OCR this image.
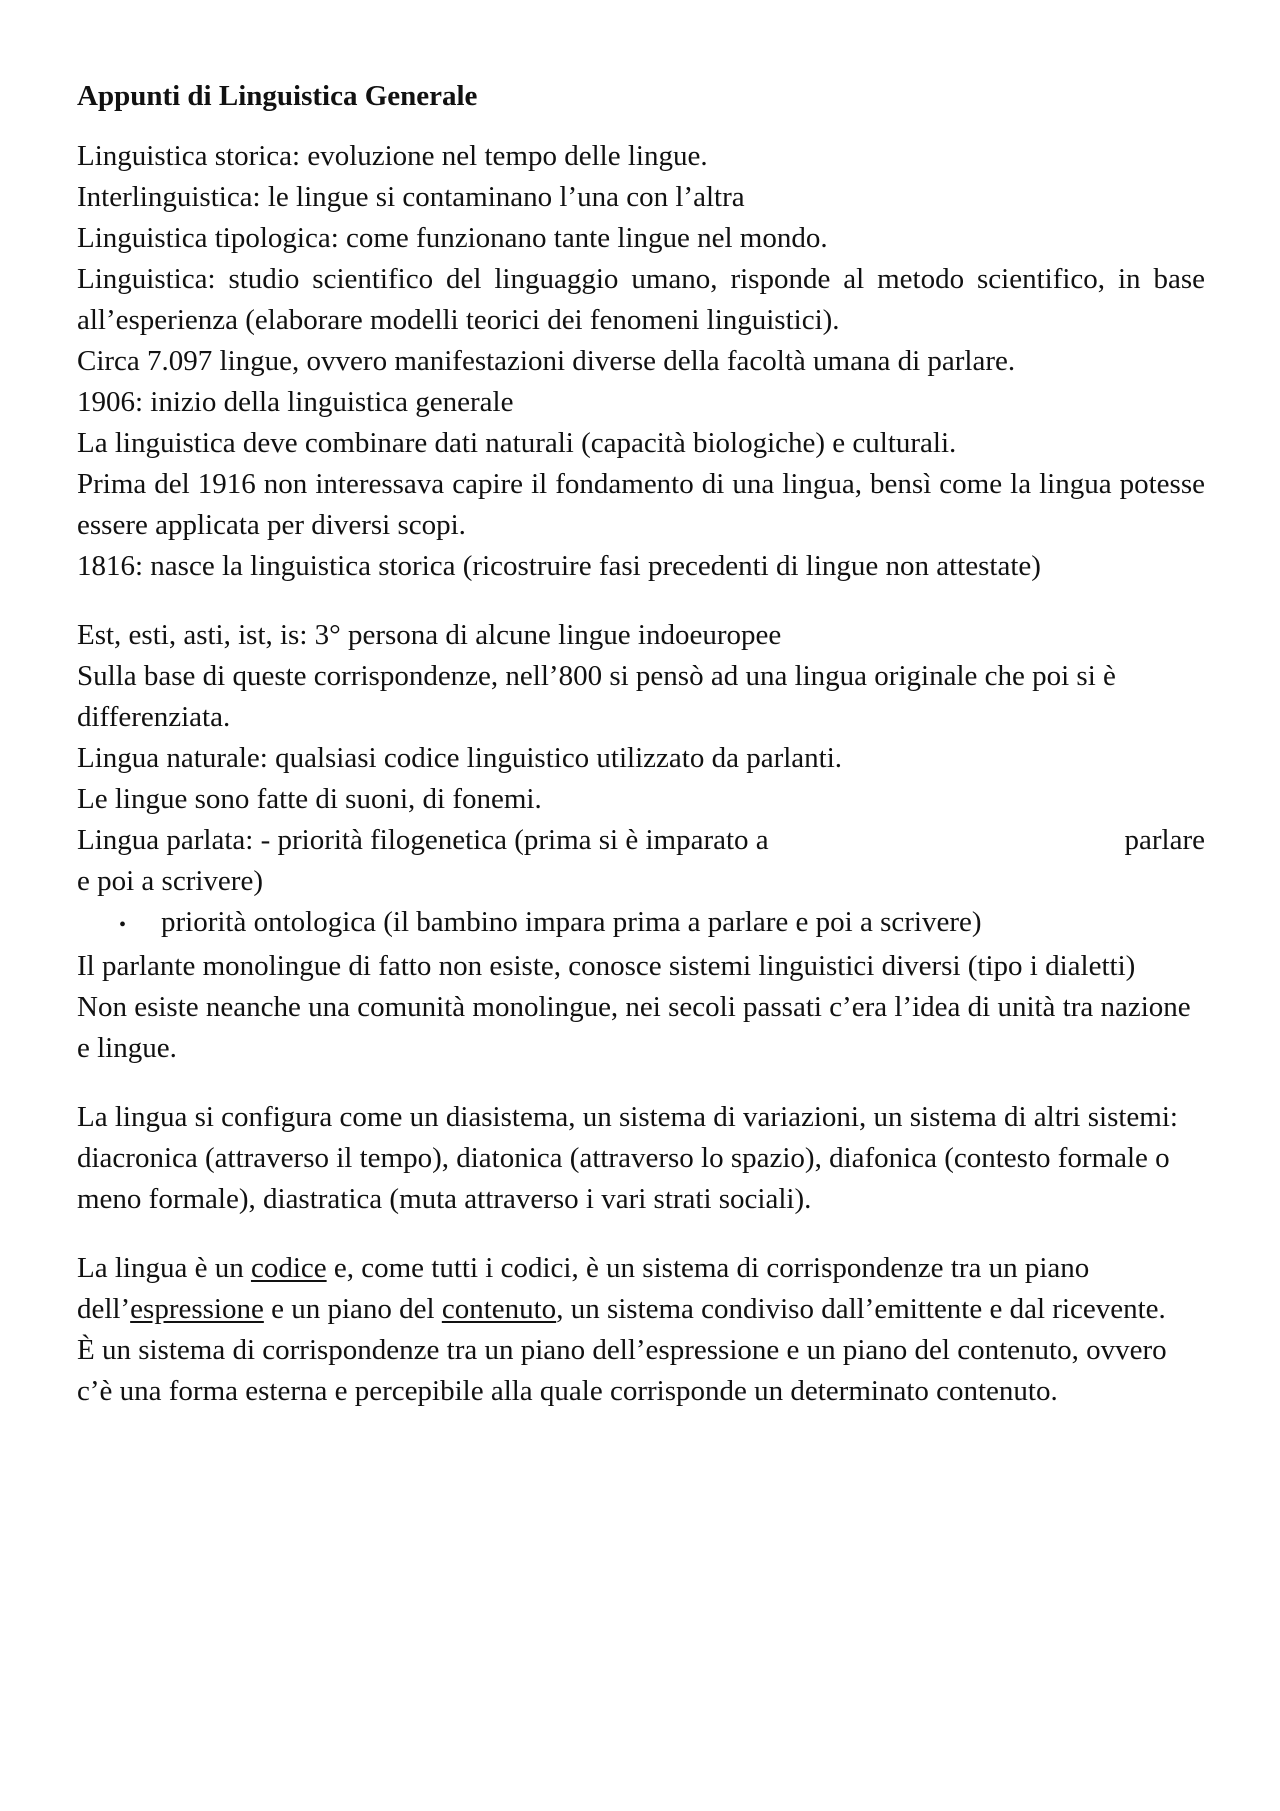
Appunti di Linguistica Generale

Linguistica storica: evoluzione nel tempo delle lingue.

Interlinguistica: le lingue si contaminano l’una con l’altra

Linguistica tipologica: come funzionano tante lingue nel mondo.

Linguistica: studio scientifico del linguaggio umano, risponde al metodo scientifico, in base all’esperienza (elaborare modelli teorici dei fenomeni linguistici).

Circa 7.097 lingue, ovvero manifestazioni diverse della facoltà umana di parlare.

1906: inizio della linguistica generale

La linguistica deve combinare dati naturali (capacità biologiche) e culturali.

Prima del 1916 non interessava capire il fondamento di una lingua, bensì come la lingua potesse essere applicata per diversi scopi.

1816: nasce la linguistica storica (ricostruire fasi precedenti di lingue non attestate)

Est, esti, asti, ist, is: 3° persona di alcune lingue indoeuropee

Sulla base di queste corrispondenze, nell’800 si pensò ad una lingua originale che poi si è differenziata.

Lingua naturale: qualsiasi codice linguistico utilizzato da parlanti.

Le lingue sono fatte di suoni, di fonemi.

Lingua parlata: - priorità filogenetica (prima si è imparato a	parlare

e poi a scrivere)

•	priorità ontologica (il bambino impara prima a parlare e poi a scrivere)

Il parlante monolingue di fatto non esiste, conosce sistemi linguistici diversi (tipo i dialetti)

Non esiste neanche una comunità monolingue, nei secoli passati c’era l’idea di unità tra nazione e lingue.

La lingua si configura come un diasistema, un sistema di variazioni, un sistema di altri sistemi: diacronica (attraverso il tempo), diatonica (attraverso lo spazio), diafonica (contesto formale o meno formale), diastratica (muta attraverso i vari strati sociali).

La lingua è un codice e, come tutti i codici, è un sistema di corrispondenze tra un piano dell’espressione e un piano del contenuto, un sistema condiviso dall’emittente e dal ricevente.

È un sistema di corrispondenze tra un piano dell’espressione e un piano del contenuto, ovvero c’è una forma esterna e percepibile alla quale corrisponde un determinato contenuto.
